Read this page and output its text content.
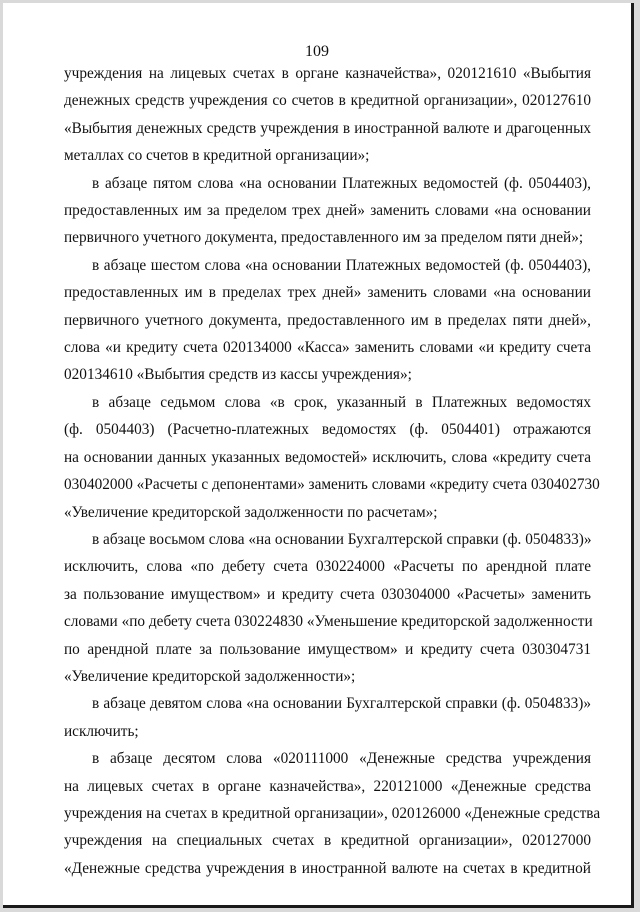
109
учреждения на лицевых счетах в органе казначейства», 020121610 «Выбытия
денежных средств учреждения со счетов в кредитной организации», 020127610
«Выбытия денежных средств учреждения в иностранной валюте и драгоценных
металлах со счетов в кредитной организации»;
в абзаце пятом слова «на основании Платежных ведомостей (ф. 0504403),
предоставленных им за пределом трех дней» заменить словами «на основании
первичного учетного документа, предоставленного им за пределом пяти дней»;
в абзаце шестом слова «на основании Платежных ведомостей (ф. 0504403),
предоставленных им в пределах трех дней» заменить словами «на основании
первичного учетного документа, предоставленного им в пределах пяти дней»,
слова «и кредиту счета 020134000 «Касса» заменить словами «и кредиту счета
020134610 «Выбытия средств из кассы учреждения»;
в абзаце седьмом слова «в срок, указанный в Платежных ведомостях
(ф. 0504403) (Расчетно-платежных ведомостях (ф. 0504401) отражаются
на основании данных указанных ведомостей» исключить, слова «кредиту счета
030402000 «Расчеты с депонентами» заменить словами «кредиту счета 030402730
«Увеличение кредиторской задолженности по расчетам»;
в абзаце восьмом слова «на основании Бухгалтерской справки (ф. 0504833)»
исключить, слова «по дебету счета 030224000 «Расчеты по арендной плате
за пользование имуществом» и кредиту счета 030304000 «Расчеты» заменить
словами «по дебету счета 030224830 «Уменьшение кредиторской задолженности
по арендной плате за пользование имуществом» и кредиту счета 030304731
«Увеличение кредиторской задолженности»;
в абзаце девятом слова «на основании Бухгалтерской справки (ф. 0504833)»
исключить;
в абзаце десятом слова «020111000 «Денежные средства учреждения
на лицевых счетах в органе казначейства», 220121000 «Денежные средства
учреждения на счетах в кредитной организации», 020126000 «Денежные средства
учреждения на специальных счетах в кредитной организации», 020127000
«Денежные средства учреждения в иностранной валюте на счетах в кредитной
